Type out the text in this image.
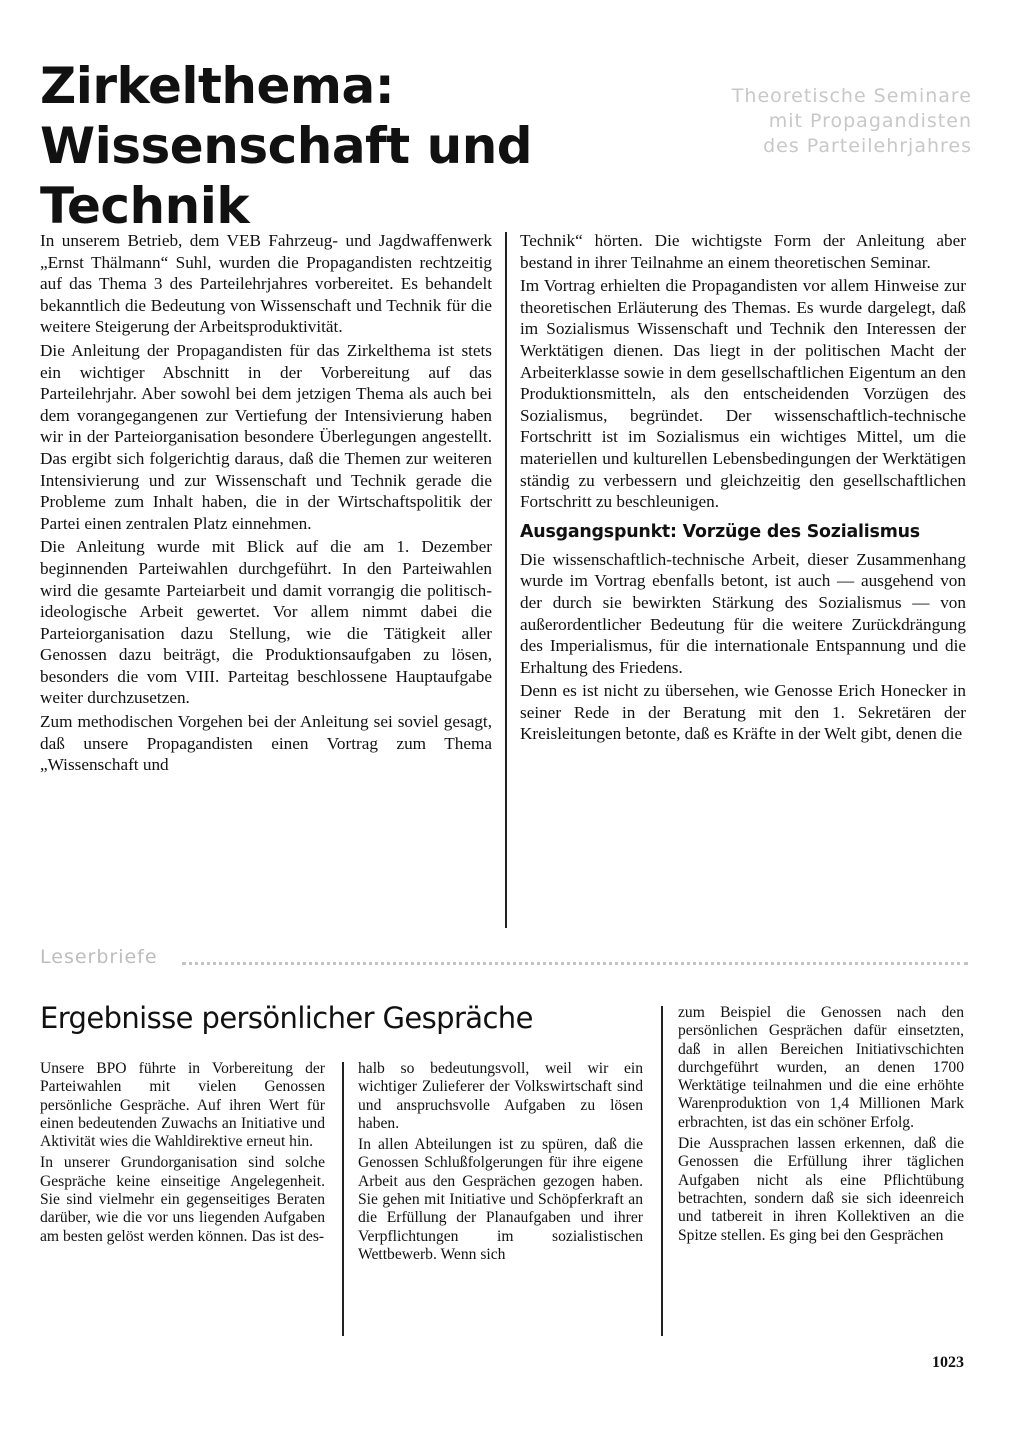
Zirkelthema:
Wissenschaft und Technik
Theoretische Seminare
mit Propagandisten
des Parteilehrjahres

In unserem Betrieb, dem VEB Fahrzeug- und Jagdwaffenwerk „Ernst Thälmann“ Suhl, wurden die Propagandisten rechtzeitig auf das Thema 3 des Parteilehrjahres vorbereitet. Es behandelt bekanntlich die Bedeutung von Wissenschaft und Technik für die weitere Steigerung der Arbeitsproduktivität.

Die Anleitung der Propagandisten für das Zirkelthema ist stets ein wichtiger Abschnitt in der Vorbereitung auf das Parteilehrjahr. Aber sowohl bei dem jetzigen Thema als auch bei dem vorangegangenen zur Vertiefung der Intensivierung haben wir in der Parteiorganisation besondere Überlegungen angestellt. Das ergibt sich folgerichtig daraus, daß die Themen zur weiteren Intensivierung und zur Wissenschaft und Technik gerade die Probleme zum Inhalt haben, die in der Wirtschaftspolitik der Partei einen zentralen Platz einnehmen.

Die Anleitung wurde mit Blick auf die am 1. Dezember beginnenden Parteiwahlen durchgeführt. In den Parteiwahlen wird die gesamte Parteiarbeit und damit vorrangig die politisch-ideologische Arbeit gewertet. Vor allem nimmt dabei die Parteiorganisation dazu Stellung, wie die Tätigkeit aller Genossen dazu beiträgt, die Produktionsaufgaben zu lösen, besonders die vom VIII. Parteitag beschlossene Hauptaufgabe weiter durchzusetzen.

Zum methodischen Vorgehen bei der Anleitung sei soviel gesagt, daß unsere Propagandisten einen Vortrag zum Thema „Wissenschaft und

Technik“ hörten. Die wichtigste Form der Anleitung aber bestand in ihrer Teilnahme an einem theoretischen Seminar.

Im Vortrag erhielten die Propagandisten vor allem Hinweise zur theoretischen Erläuterung des Themas. Es wurde dargelegt, daß im Sozialismus Wissenschaft und Technik den Interessen der Werktätigen dienen. Das liegt in der politischen Macht der Arbeiterklasse sowie in dem gesellschaftlichen Eigentum an den Produktionsmitteln, als den entscheidenden Vorzügen des Sozialismus, begründet. Der wissenschaftlich-technische Fortschritt ist im Sozialismus ein wichtiges Mittel, um die materiellen und kulturellen Lebensbedingungen der Werktätigen ständig zu verbessern und gleichzeitig den gesellschaftlichen Fortschritt zu beschleunigen.

Ausgangspunkt: Vorzüge des Sozialismus

Die wissenschaftlich-technische Arbeit, dieser Zusammenhang wurde im Vortrag ebenfalls betont, ist auch — ausgehend von der durch sie bewirkten Stärkung des Sozialismus — von außerordentlicher Bedeutung für die weitere Zurückdrängung des Imperialismus, für die internationale Entspannung und die Erhaltung des Friedens.

Denn es ist nicht zu übersehen, wie Genosse Erich Honecker in seiner Rede in der Beratung mit den 1. Sekretären der Kreisleitungen betonte, daß es Kräfte in der Welt gibt, denen die

Leserbriefe
Ergebnisse persönlicher Gespräche

Unsere BPO führte in Vorbereitung der Parteiwahlen mit vielen Genossen persönliche Gespräche. Auf ihren Wert für einen bedeutenden Zuwachs an Initiative und Aktivität wies die Wahldirektive erneut hin.

In unserer Grundorganisation sind solche Gespräche keine einseitige Angelegenheit. Sie sind vielmehr ein gegenseitiges Beraten darüber, wie die vor uns liegenden Aufgaben am besten gelöst werden können. Das ist des-

halb so bedeutungsvoll, weil wir ein wichtiger Zulieferer der Volkswirtschaft sind und anspruchsvolle Aufgaben zu lösen haben.

In allen Abteilungen ist zu spüren, daß die Genossen Schlußfolgerungen für ihre eigene Arbeit aus den Gesprächen gezogen haben. Sie gehen mit Initiative und Schöpferkraft an die Erfüllung der Planaufgaben und ihrer Verpflichtungen im sozialistischen Wettbewerb. Wenn sich

zum Beispiel die Genossen nach den persönlichen Gesprächen dafür einsetzten, daß in allen Bereichen Initiativschichten durchgeführt wurden, an denen 1700 Werktätige teilnahmen und die eine erhöhte Warenproduktion von 1,4 Millionen Mark erbrachten, ist das ein schöner Erfolg.

Die Aussprachen lassen erkennen, daß die Genossen die Erfüllung ihrer täglichen Aufgaben nicht als eine Pflichtübung betrachten, sondern daß sie sich ideenreich und tatbereit in ihren Kollektiven an die Spitze stellen. Es ging bei den Gesprächen

1023
